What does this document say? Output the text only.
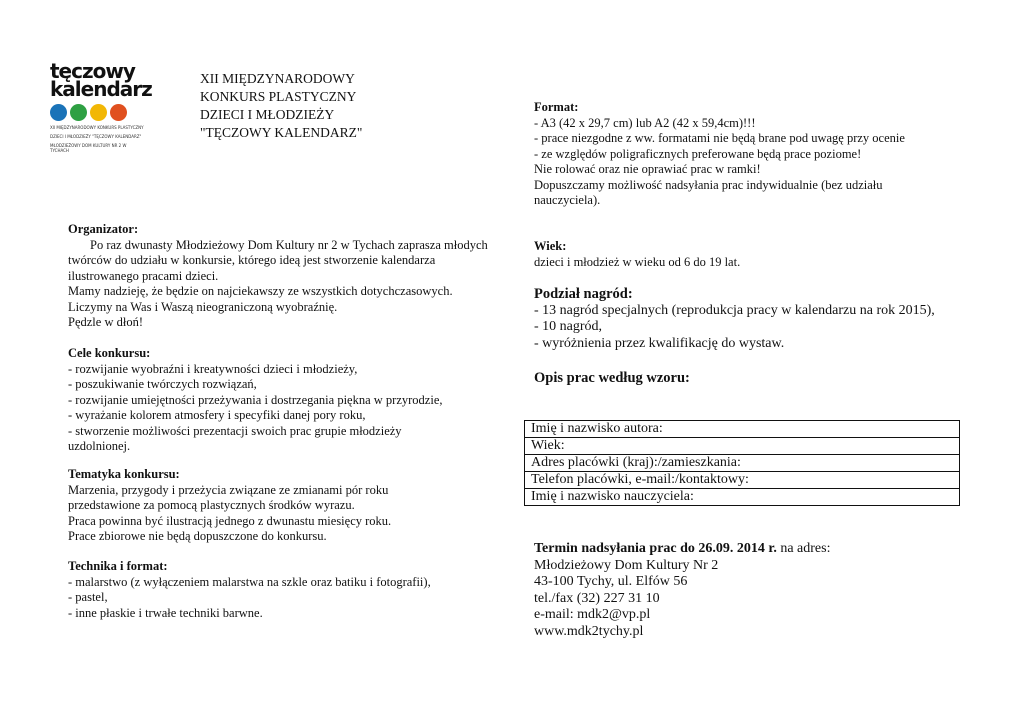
tęczowy
kalendarz
XII MIĘDZYNARODOWY KONKURS PLASTYCZNY
DZIECI I MŁODZIEŻY "TĘCZOWY KALENDARZ"
MŁODZIEŻOWY DOM KULTURY NR 2 W TYCHACH
XII MIĘDZYNARODOWY
KONKURS PLASTYCZNY
DZIECI I MŁODZIEŻY
"TĘCZOWY KALENDARZ"
Organizator:

Po raz dwunasty Młodzieżowy Dom Kultury nr 2 w Tychach zaprasza młodych twórców do udziału w konkursie, którego ideą jest stworzenie kalendarza ilustrowanego pracami dzieci.

Mamy nadzieję, że będzie on najciekawszy ze wszystkich dotychczasowych.

Liczymy na Was i Waszą nieograniczoną wyobraźnię.

Pędzle w dłoń!

Cele konkursu:

- rozwijanie wyobraźni i kreatywności dzieci i młodzieży,

- poszukiwanie twórczych rozwiązań,

- rozwijanie umiejętności przeżywania i dostrzegania piękna w przyrodzie,

- wyrażanie kolorem atmosfery i specyfiki danej pory roku,

- stworzenie możliwości prezentacji swoich prac grupie młodzieży uzdolnionej.

Tematyka konkursu:

Marzenia, przygody i przeżycia związane ze zmianami pór roku przedstawione za pomocą plastycznych środków wyrazu.

Praca powinna być ilustracją jednego z dwunastu miesięcy roku.

Prace zbiorowe nie będą dopuszczone do konkursu.

Technika i format:

- malarstwo (z wyłączeniem malarstwa na szkle oraz batiku i fotografii),

- pastel,

- inne płaskie i trwałe techniki barwne.

Format:

- A3 (42 x 29,7 cm) lub A2 (42 x 59,4cm)!!!

- prace niezgodne z ww. formatami nie będą brane pod uwagę przy ocenie

- ze względów poligraficznych preferowane będą prace poziome!

Nie rolować oraz nie oprawiać prac w ramki!

Dopuszczamy możliwość nadsyłania prac indywidualnie (bez udziału nauczyciela).

Wiek:

dzieci i młodzież w wieku od 6 do 19 lat.

Podział nagród:

- 13 nagród specjalnych (reprodukcja pracy w kalendarzu na rok 2015),

- 10 nagród,

- wyróżnienia przez kwalifikację do wystaw.

Opis prac według wzoru:
Imię i nazwisko autora:
Wiek:
Adres placówki (kraj):/zamieszkania:
Telefon placówki, e-mail:/kontaktowy:
Imię i nazwisko nauczyciela:

Termin nadsyłania prac do 26.09. 2014 r. na adres:

Młodzieżowy Dom Kultury Nr 2

43-100 Tychy, ul. Elfów 56

tel./fax (32) 227 31 10

e-mail: mdk2@vp.pl

www.mdk2tychy.pl
